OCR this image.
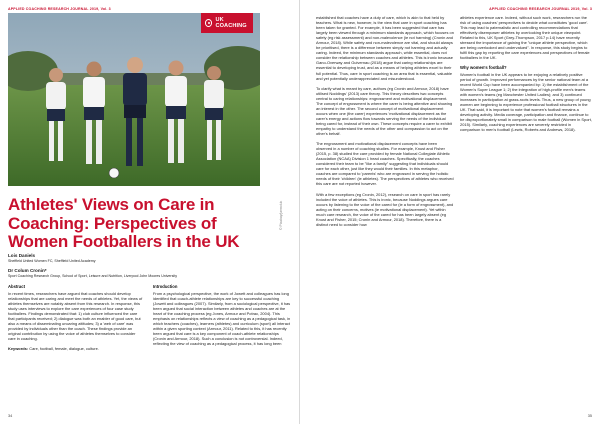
APPLIED COACHING RESEARCH JOURNAL 2019, Vol. 3
UK COACHING
© Pixabay/jarmoluk
Athletes' Views on Care in
Coaching: Perspectives of
Women Footballers in the UK
Lois Daniels
Sheffield United Women FC, Sheffield United Academy
Dr Colum Cronin*
Sport Coaching Research Group, School of Sport, Leisure and Nutrition, Liverpool John Moores University
Abstract

In recent times, researchers have argued that coaches should develop relationships that are caring and meet the needs of athletes. Yet, the views of athletes themselves are notably absent from this research. In response, this study uses interviews to explore the care experiences of four case study footballers. Findings demonstrated that: 1) club culture influenced the care that participants received; 2) dialogue was both an enabler of good care, but also a means of disseminating uncaring attitudes; 3) a 'web of care' was provided by individuals other than the coach. These findings provide an original contribution by using the voice of athletes themselves to consider care in coaching.

Keywords: Care, football, female, dialogue, culture.

Introduction

From a psychological perspective, the work of Jowett and colleagues has long identified that coach-athlete relationships are key to successful coaching (Jowett and colleagues (2007). Similarly, from a sociological perspective, it has been argued that social interaction between athletes and coaches are at the heart of the coaching process (eg Jones, Armour and Potrac, 2004). This emphasis on relationships reflects a view of coaching as a pedagogical task, in which teachers (coaches), learners (athletes) and curriculum (sport) all interact within a given sporting context (Armour, 2011). Related to this, it has recently been argued that care is a key component of coach-athlete relationships (Cronin and Armour, 2018). Such a conclusion is not controversial. Indeed, reflecting the view of coaching as a pedagogical process, it has long been

34
APPLIED COACHING RESEARCH JOURNAL 2019, Vol. 3

established that coaches have a duty of care, which is akin to that held by teachers. What is new, however, is the view that care in sport coaching has been taken for granted. For example, it has been suggested that care has largely been viewed through a minimum standards approach, which focuses on safety (eg risk assessment) and non-malevolence (ie not harming) (Cronin and Armour, 2018). While safety and non-malevolence are vital, and should always be prioritised, there is a difference between simply not harming and actually caring. Indeed, the minimum standards approach, while essential, does not consider the relationship between coaches and athletes. This is ironic because Gano-Overway and Guivernau (2018) argue that caring relationships are essential to developing trust, and as a means of helping athletes excel to their full potential. Thus, care in sport coaching is an area that is essential, valuable and yet potentially underappreciated and misunderstood.

To clarify what is meant by care, authors (eg Cronin and Armour, 2018) have utilised Noddings' (2013) care theory. This theory describes two concepts central to caring relationships: engrossment and motivational displacement. The concept of engrossment is where the carer is being attentive and showing an interest in the other. The second concept of motivational displacement occurs when one (the carer) experiences 'motivational displacement as the carer's energy and actions flow towards serving the needs of the individual being cared for, instead of their own. These concepts require a carer to exhibit empathy to understand the needs of the other and compassion to act on the other's behalf.

The engrossment and motivational displacement concepts have been observed in a number of coaching studies. For example, Knust and Fisher (2015, p. 38) studied the care provided by female National Collegiate Athletic Association (NCAA) Division 1 head coaches. Specifically, the coaches considered their team to be "like a family" suggesting that individuals should care for each other, just like they would their families. In this metaphor, coaches are compared to 'parents' who are engrossed in serving the holistic needs of their 'children' (ie athletes). The perspectives of athletes who received this care are not reported however.

With a few exceptions (eg Cronin, 2012), research on care in sport has rarely included the voice of athletes. This is ironic, because Noddings argues care occurs by listening to the voice of the cared for (ie a form of engrossment), and acting on their concerns, motives (ie motivational displacement). Yet within much care research, the voice of the cared for has been largely absent (eg Knust and Fisher, 2015; Cronin and Armour, 2018). Therefore, there is a distinct need to consider how

athletes experience care. Indeed, without such work, researchers run the risk of using coaches' perspectives to decide what constitutes 'good care'. This may lead to paternalistic and controlling recommendations that effectively disempower athletes by overlooking their unique viewpoint. Related to this, UK Sport (Grey-Thompson, 2017 p.14) have recently stressed the importance of gaining the "unique athlete perspective, which are being overlooked and undervalued". In response, this study begins to fulfil this gap by reporting the care experiences and perspectives of female footballers in the UK.

Why women's football?

Women's football in the UK appears to be enjoying a relatively positive period of growth. Improved performances by the senior national team at a recent World Cup have been accompanied by: 1) the establishment of the Women's Super League 1; 2) the integration of high-profile men's teams with women's teams (eg Manchester United Ladies); and 3) continued increases in participation at grass-roots levels. Thus, a new group of young women are beginning to experience professional football structures in the UK. That said, it is important to note that women's football remains a developing activity. Media coverage, participation and finance, continue to be disproportionately small in comparison to male football (Women in Sport, 2015). Similarly, coaching experiences are severely restricted in comparison to men's football (Lewis, Roberts and Andrews, 2018).

35
